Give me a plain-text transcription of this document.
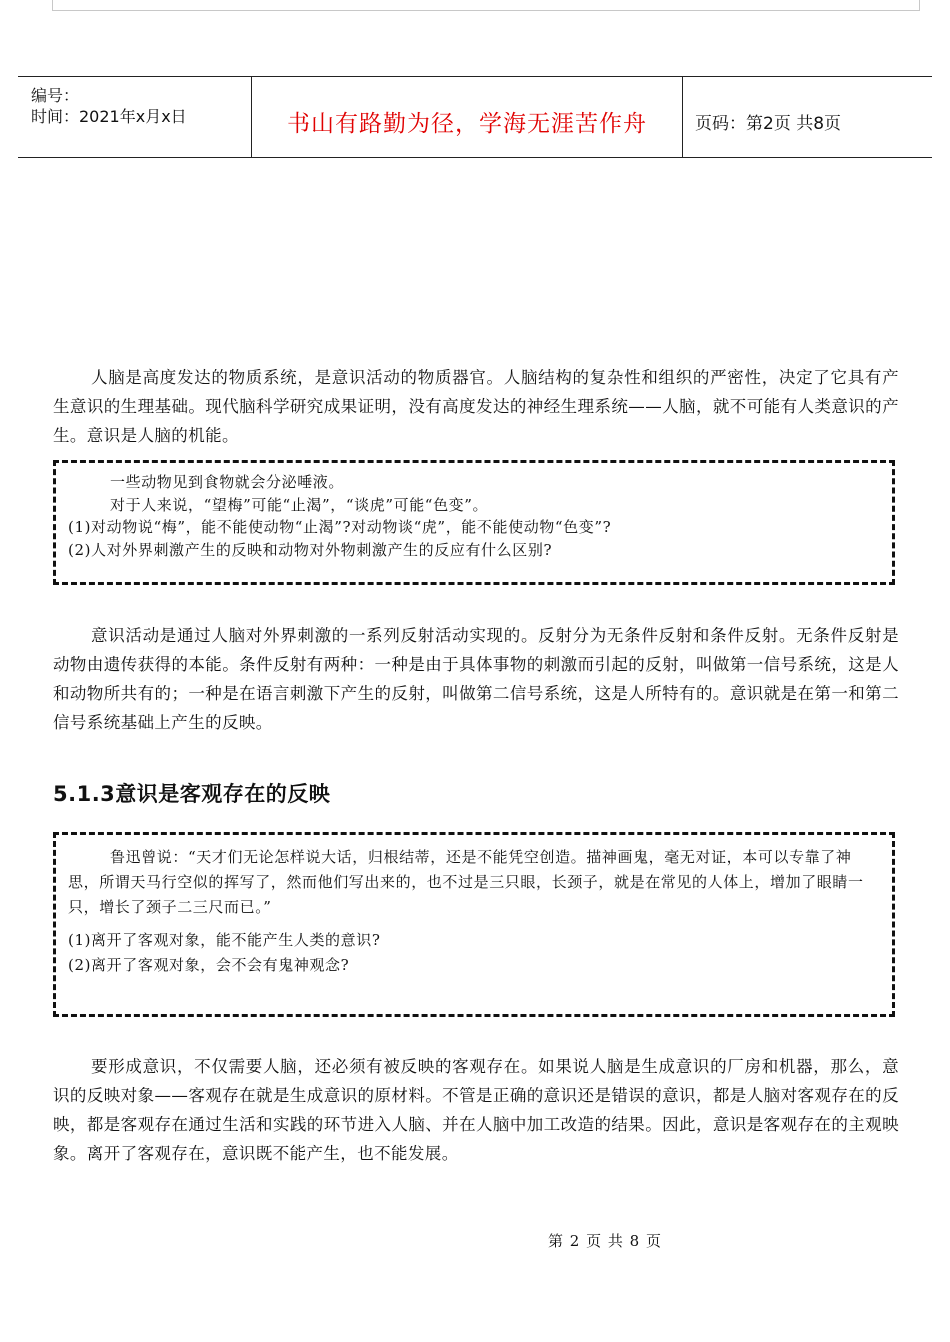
编号：
时间：2021年x月x日	书山有路勤为径，学海无涯苦作舟	页码：第2页 共8页

人脑是高度发达的物质系统，是意识活动的物质器官。人脑结构的复杂性和组织的严密性，决定了它具有产生意识的生理基础。现代脑科学研究成果证明，没有高度发达的神经生理系统——人脑，就不可能有人类意识的产生。意识是人脑的机能。

一些动物见到食物就会分泌唾液。

对于人来说，“望梅”可能“止渴”，“谈虎”可能“色变”。

(1)对动物说“梅”，能不能使动物“止渴”?对动物谈“虎”，能不能使动物“色变”?

(2)人对外界刺激产生的反映和动物对外物刺激产生的反应有什么区别?

意识活动是通过人脑对外界刺激的一系列反射活动实现的。反射分为无条件反射和条件反射。无条件反射是动物由遗传获得的本能。条件反射有两种：一种是由于具体事物的刺激而引起的反射，叫做第一信号系统，这是人和动物所共有的；一种是在语言刺激下产生的反射，叫做第二信号系统，这是人所特有的。意识就是在第一和第二信号系统基础上产生的反映。

5.1.3意识是客观存在的反映

鲁迅曾说：“天才们无论怎样说大话，归根结蒂，还是不能凭空创造。描神画鬼，毫无对证，本可以专靠了神思，所谓天马行空似的挥写了，然而他们写出来的，也不过是三只眼，长颈子，就是在常见的人体上，增加了眼睛一只，增长了颈子二三尺而已。”

(1)离开了客观对象，能不能产生人类的意识?

(2)离开了客观对象，会不会有鬼神观念?

要形成意识，不仅需要人脑，还必须有被反映的客观存在。如果说人脑是生成意识的厂房和机器，那么，意识的反映对象——客观存在就是生成意识的原材料。不管是正确的意识还是错误的意识，都是人脑对客观存在的反映，都是客观存在通过生活和实践的环节进入人脑、并在人脑中加工改造的结果。因此，意识是客观存在的主观映象。离开了客观存在，意识既不能产生，也不能发展。

第 2 页 共 8 页
